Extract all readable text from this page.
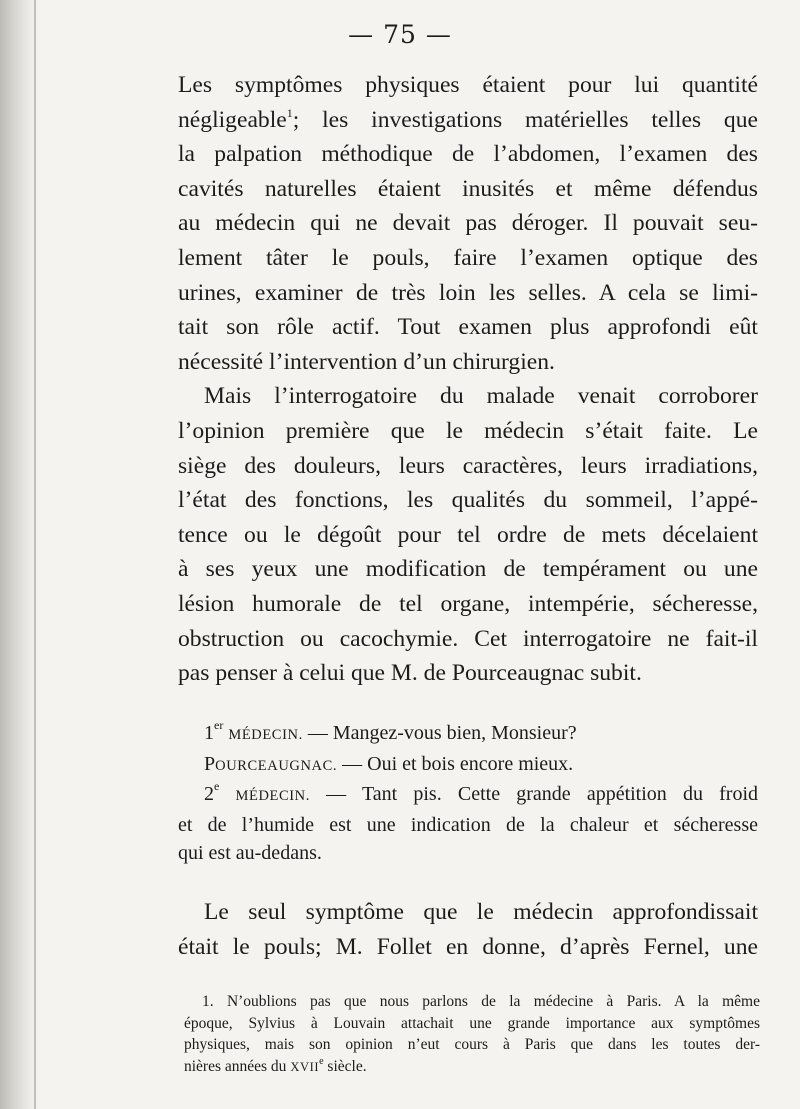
— 75 —
Les symptômes physiques étaient pour lui quantité
négligeable$^1$; les investigations matérielles telles que
la palpation méthodique de l’abdomen, l’examen des
cavités naturelles étaient inusités et même défendus
au médecin qui ne devait pas déroger. Il pouvait seu-
lement tâter le pouls, faire l’examen optique des
urines, examiner de très loin les selles. A cela se limi-
tait son rôle actif. Tout examen plus approfondi eût
nécessité l’intervention d’un chirurgien.
Mais l’interrogatoire du malade venait corroborer
l’opinion première que le médecin s’était faite. Le
siège des douleurs, leurs caractères, leurs irradiations,
l’état des fonctions, les qualités du sommeil, l’appé-
tence ou le dégoût pour tel ordre de mets décelaient
à ses yeux une modification de tempérament ou une
lésion humorale de tel organe, intempérie, sécheresse,
obstruction ou cacochymie. Cet interrogatoire ne fait-il
pas penser à celui que M. de Pourceaugnac subit.
1er MÉDECIN. — Mangez-vous bien, Monsieur?
POURCEAUGNAC. — Oui et bois encore mieux.
2e MÉDECIN. — Tant pis. Cette grande appétition du froid
et de l’humide est une indication de la chaleur et sécheresse
qui est au-dedans.
Le seul symptôme que le médecin approfondissait
était le pouls; M. Follet en donne, d’après Fernel, une
1. N’oublions pas que nous parlons de la médecine à Paris. A la même
époque, Sylvius à Louvain attachait une grande importance aux symptômes
physiques, mais son opinion n’eut cours à Paris que dans les toutes der-
nières années du XVIIe siècle.
